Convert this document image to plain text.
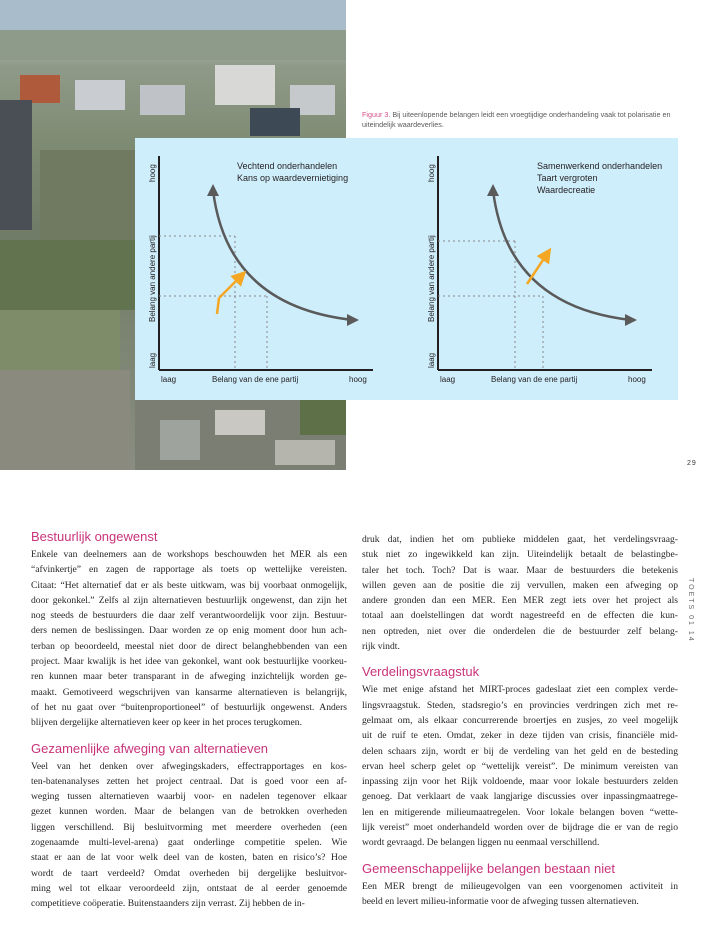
Figuur 3. Bij uiteenlopende belangen leidt een vroegtijdige onderhandeling vaak tot polarisatie en uiteindelijk waardeverlies.
Vechtend onderhandelen
Kans op waardevernietiging
hoog
Belang van andere partij
laag
laag	Belang van de ene partij	hoog
Samenwerkend onderhandelen
Taart vergroten
Waardecreatie
hoog
Belang van andere partij
laag
laag	Belang van de ene partij	hoog
29
TOETS 01 14
Bestuurlijk ongewenst

Enkele van deelnemers aan de workshops beschouwden het MER als een
“afvinkertje” en zagen de rapportage als toets op wettelijke vereisten.
Citaat: “Het alternatief dat er als beste uitkwam, was bij voorbaat onmogelijk,
door gekonkel.” Zelfs al zijn alternatieven bestuurlijk ongewenst, dan zijn het
nog steeds de bestuurders die daar zelf verantwoordelijk voor zijn. Bestuur-
ders nemen de beslissingen. Daar worden ze op enig moment door hun ach-
terban op beoordeeld, meestal niet door de direct belanghebbenden van een
project. Maar kwalijk is het idee van gekonkel, want ook bestuurlijke voorkeu-
ren kunnen maar beter transparant in de afweging inzichtelijk worden ge-
maakt. Gemotiveerd wegschrijven van kansarme alternatieven is belangrijk,
of het nu gaat over “buitenproportioneel” of bestuurlijk ongewenst. Anders
blijven dergelijke alternatieven keer op keer in het proces terugkomen.

Gezamenlijke afweging van alternatieven

Veel van het denken over afwegingskaders, effectrapportages en kos-
ten-batenanalyses zetten het project centraal. Dat is goed voor een af-
weging tussen alternatieven waarbij voor- en nadelen tegenover elkaar
gezet kunnen worden. Maar de belangen van de betrokken overheden
liggen verschillend. Bij besluitvorming met meerdere overheden (een
zogenaamde multi-level-arena) gaat onderlinge competitie spelen. Wie
staat er aan de lat voor welk deel van de kosten, baten en risico’s? Hoe
wordt de taart verdeeld? Omdat overheden bij dergelijke besluitvor-
ming wel tot elkaar veroordeeld zijn, ontstaat de al eerder genoemde
competitieve coöperatie. Buitenstaanders zijn verrast. Zij hebben de in-

druk dat, indien het om publieke middelen gaat, het verdelingsvraag-
stuk niet zo ingewikkeld kan zijn. Uiteindelijk betaalt de belastingbe-
taler het toch. Toch? Dat is waar. Maar de bestuurders die betekenis
willen geven aan de positie die zij vervullen, maken een afweging op
andere gronden dan een MER. Een MER zegt iets over het project als
totaal aan doelstellingen dat wordt nagestreefd en de effecten die kun-
nen optreden, niet over die onderdelen die de bestuurder zelf belang-
rijk vindt.

Verdelingsvraagstuk

Wie met enige afstand het MIRT-proces gadeslaat ziet een complex verde-
lingsvraagstuk. Steden, stadsregio’s en provincies verdringen zich met re-
gelmaat om, als elkaar concurrerende broertjes en zusjes, zo veel mogelijk
uit de ruif te eten. Omdat, zeker in deze tijden van crisis, financiële mid-
delen schaars zijn, wordt er bij de verdeling van het geld en de besteding
ervan heel scherp gelet op “wettelijk vereist”. De minimum vereisten van
inpassing zijn voor het Rijk voldoende, maar voor lokale bestuurders zelden
genoeg. Dat verklaart de vaak langjarige discussies over inpassingmaatrege-
len en mitigerende milieumaatregelen. Voor lokale belangen boven “wette-
lijk vereist” moet onderhandeld worden over de bijdrage die er van de regio
wordt gevraagd. De belangen liggen nu eenmaal verschillend.

Gemeenschappelijke belangen bestaan niet

Een MER brengt de milieugevolgen van een voorgenomen activiteit in
beeld en levert milieu-informatie voor de afweging tussen alternatieven.
